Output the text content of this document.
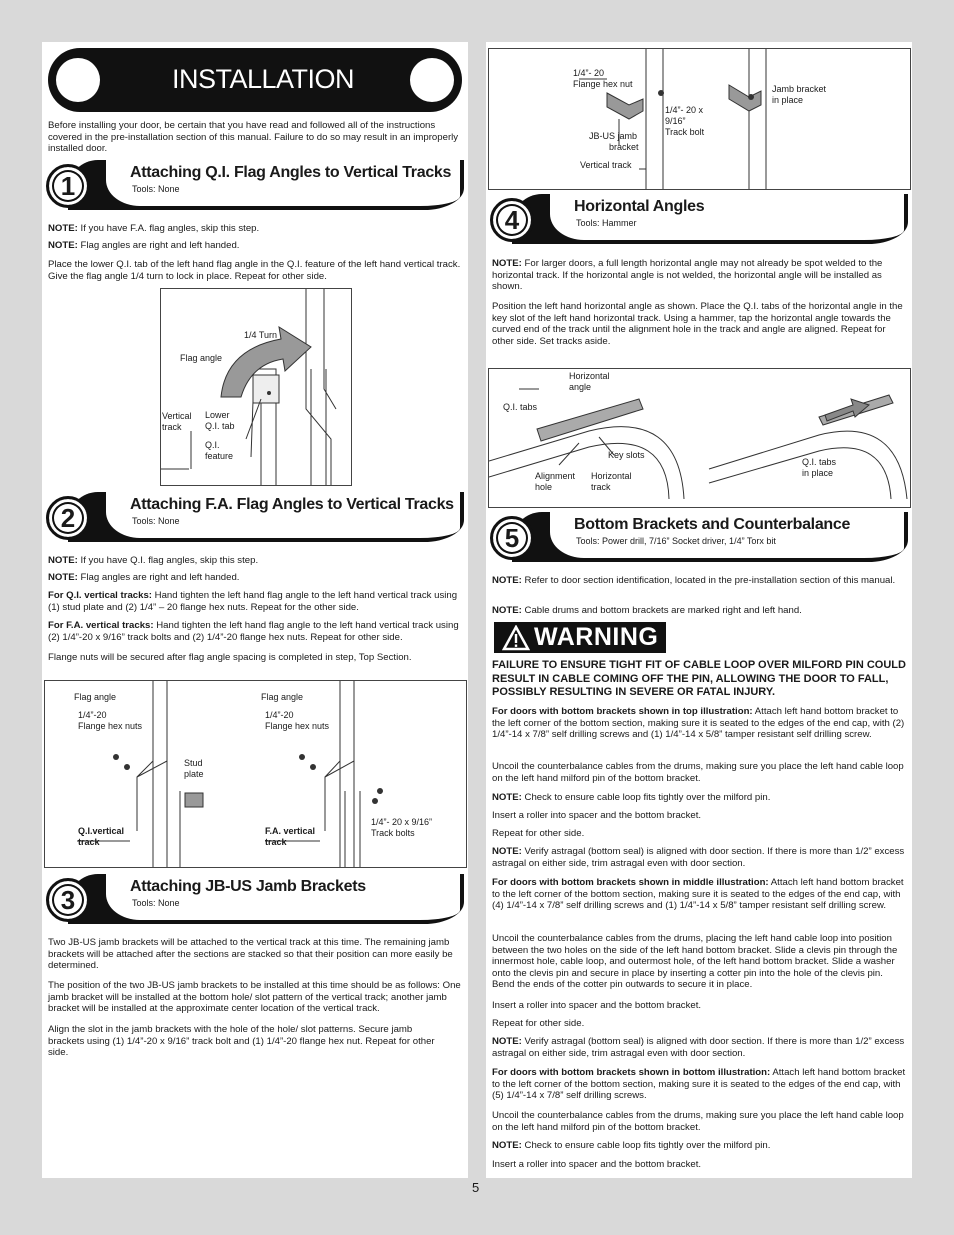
INSTALLATION

Before installing your door, be certain that you have read and followed all of the instructions covered in the pre-installation section of this manual. Failure to do so may result in an improperly installed door.

1	Attaching Q.I. Flag Angles to Vertical Tracks
Tools: None

NOTE: If you have F.A. flag angles, skip this step.

NOTE: Flag angles are right and left handed.

Place the lower Q.I. tab of the left hand flag angle in the Q.I. feature of the left hand vertical track. Give the flag angle 1/4 turn to lock in place. Repeat for other side.

1/4 Turn
Flag angle
Vertical
track
Lower
Q.I. tab
Q.I.
feature
2	Attaching F.A. Flag Angles to Vertical Tracks
Tools: None

NOTE: If you have Q.I. flag angles, skip this step.

NOTE: Flag angles are right and left handed.

For Q.I. vertical tracks: Hand tighten the left hand flag angle to the left hand vertical track using (1) stud plate and (2) 1/4” – 20 flange hex nuts. Repeat for the other side.

For F.A. vertical tracks: Hand tighten the left hand flag angle to the left hand vertical track using (2) 1/4”-20 x 9/16” track bolts and (2) 1/4”-20 flange hex nuts. Repeat for other side.

Flange nuts will be secured after flag angle spacing is completed in step, Top Section.

Flag angle
1/4”-20
Flange hex nuts
Stud
plate
Q.I.vertical
track
Flag angle
1/4”-20
Flange hex nuts
1/4”- 20 x 9/16”
Track bolts
F.A. vertical
track
3	Attaching JB-US Jamb Brackets
Tools: None

Two JB-US jamb brackets will be attached to the vertical track at this time. The remaining jamb brackets will be attached after the sections are stacked so that their position can more easily be determined.

The position of the two JB-US jamb brackets to be installed at this time should be as follows: One jamb bracket will be installed at the bottom hole/ slot pattern of the vertical track; another jamb bracket will be installed at the approximate center location of the vertical track.

Align the slot in the jamb brackets with the hole of the hole/ slot patterns. Secure jamb brackets using (1) 1/4”-20 x 9/16” track bolt and (1) 1/4”-20 flange hex nut. Repeat for other side.

1/4”- 20
Flange hex nut
1/4”- 20 x
9/16”
Track bolt
JB-US jamb
bracket
Vertical track
Jamb bracket
in place
4	Horizontal Angles
Tools: Hammer

NOTE: For larger doors, a full length horizontal angle may not already be spot welded to the horizontal track. If the horizontal angle is not welded, the horizontal angle will be installed as shown.

Position the left hand horizontal angle as shown. Place the Q.I. tabs of the horizontal angle in the key slot of the left hand horizontal track. Using a hammer, tap the horizontal angle towards the curved end of the track until the alignment hole in the track and angle are aligned. Repeat for other side. Set tracks aside.

Horizontal
angle
Q.I. tabs
Key slots
Alignment
hole
Horizontal
track
Q.I. tabs
in place
5	Bottom Brackets and Counterbalance
Tools: Power drill, 7/16” Socket driver, 1/4” Torx bit

NOTE: Refer to door section identification, located in the pre-installation section of this manual.

NOTE: Cable drums and bottom brackets are marked right and left hand.

WARNING

FAILURE TO ENSURE TIGHT FIT OF CABLE LOOP OVER MILFORD PIN COULD RESULT IN CABLE COMING OFF THE PIN, ALLOWING THE DOOR TO FALL, POSSIBLY RESULTING IN SEVERE OR FATAL INJURY.

For doors with bottom brackets shown in top illustration: Attach left hand bottom bracket to the left corner of the bottom section, making sure it is seated to the edges of the end cap, with (2) 1/4”-14 x 7/8” self drilling screws and (1) 1/4”-14 x 5/8” tamper resistant self drilling screw.

Uncoil the counterbalance cables from the drums, making sure you place the left hand cable loop on the left hand milford pin of the bottom bracket.

NOTE: Check to ensure cable loop fits tightly over the milford pin.

Insert a roller into spacer and the bottom bracket.

Repeat for other side.

NOTE: Verify astragal (bottom seal) is aligned with door section. If there is more than 1/2” excess astragal on either side, trim astragal even with door section.

For doors with bottom brackets shown in middle illustration: Attach left hand bottom bracket to the left corner of the bottom section, making sure it is seated to the edges of the end cap, with (4) 1/4”-14 x 7/8” self drilling screws and (1) 1/4”-14 x 5/8” tamper resistant self drilling screw.

Uncoil the counterbalance cables from the drums, placing the left hand cable loop into position between the two holes on the side of the left hand bottom bracket. Slide a clevis pin through the innermost hole, cable loop, and outermost hole, of the left hand bottom bracket. Slide a washer onto the clevis pin and secure in place by inserting a cotter pin into the hole of the clevis pin. Bend the ends of the cotter pin outwards to secure it in place.

Insert a roller into spacer and the bottom bracket.

Repeat for other side.

NOTE: Verify astragal (bottom seal) is aligned with door section. If there is more than 1/2” excess astragal on either side, trim astragal even with door section.

For doors with bottom brackets shown in bottom illustration: Attach left hand bottom bracket to the left corner of the bottom section, making sure it is seated to the edges of the end cap, with (5) 1/4”-14 x 7/8” self drilling screws.

Uncoil the counterbalance cables from the drums, making sure you place the left hand cable loop on the left hand milford pin of the bottom bracket.

NOTE: Check to ensure cable loop fits tightly over the milford pin.

Insert a roller into spacer and the bottom bracket.

5
